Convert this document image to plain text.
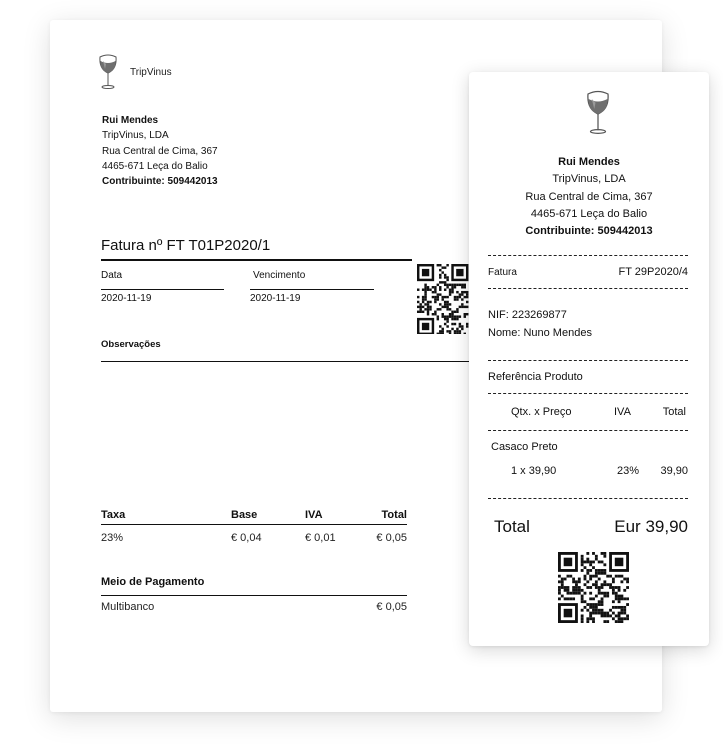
TripVinus
Rui Mendes
TripVinus, LDA
Rua Central de Cima, 367
4465-671 Leça do Balio
Contribuinte: 509442013
Fatura nº FT T01P2020/1
Data
2020-11-19
Vencimento
2020-11-19
Observações
Taxa	Base	IVA	Total
23%	€ 0,04	€ 0,01	€ 0,05
Meio de Pagamento
Multibanco	€ 0,05
Rui Mendes
TripVinus, LDA
Rua Central de Cima, 367
4465-671 Leça do Balio
Contribuinte: 509442013
Fatura	FT 29P2020/4
NIF: 223269877
Nome: Nuno Mendes
Referência Produto
Qtx. x Preço	IVA	Total
Casaco Preto
1 x 39,90	23%	39,90
Total	Eur 39,90
